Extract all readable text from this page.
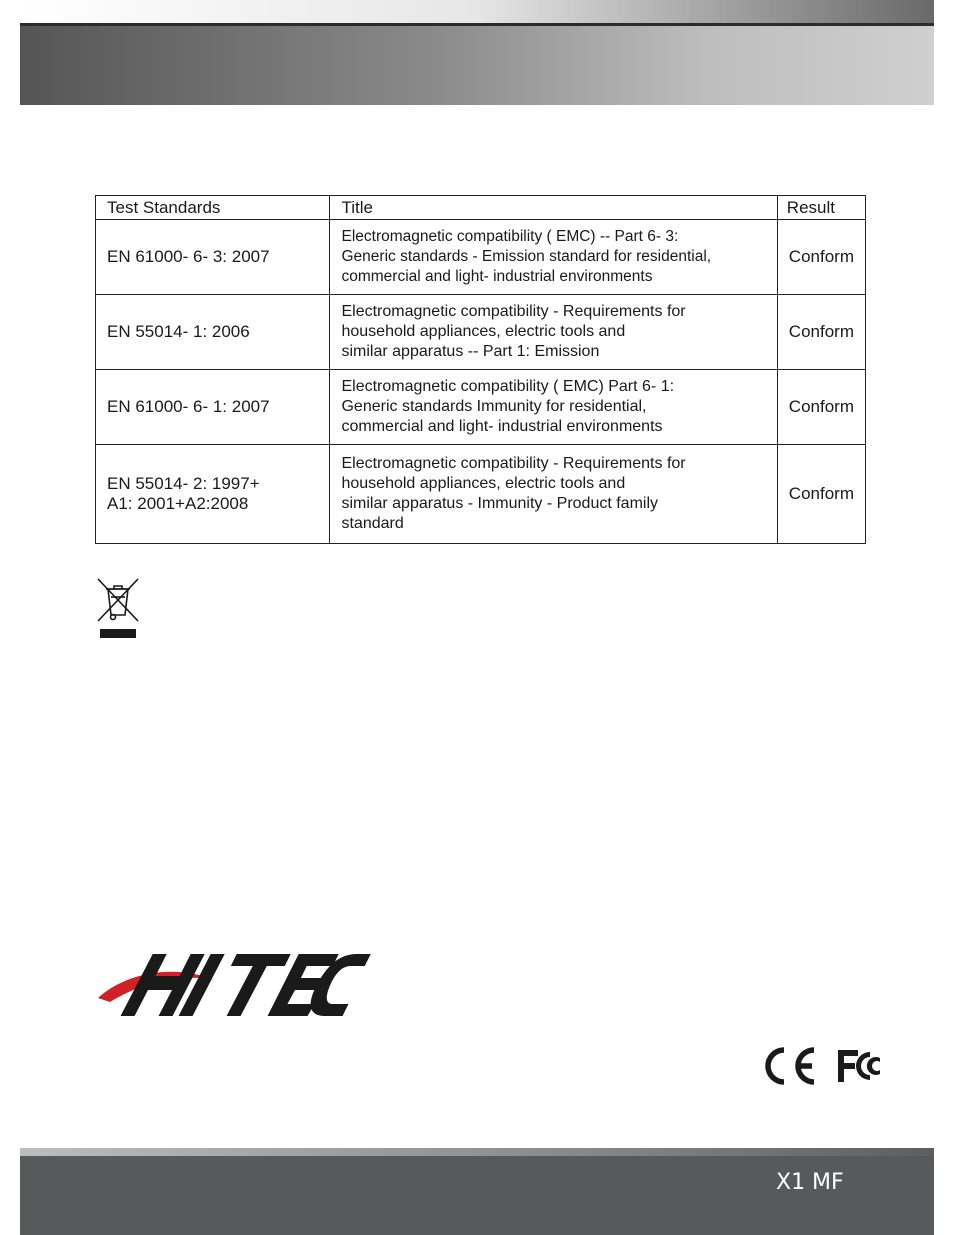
Test Standards	Title	Result

EN 61000- 6- 3: 2007	Electromagnetic compatibility ( EMC) -- Part 6- 3:
Generic standards - Emission standard for residential,
commercial and light- industrial environments	Conform

EN 55014- 1: 2006	Electromagnetic compatibility - Requirements for
household appliances, electric tools and
similar apparatus -- Part 1: Emission	Conform

EN 61000- 6- 1: 2007	Electromagnetic compatibility ( EMC) Part 6- 1:
Generic standards Immunity for residential,
commercial and light- industrial environments	Conform

EN 55014- 2: 1997+
A1: 2001+A2:2008	Electromagnetic compatibility - Requirements for
household appliances, electric tools and
similar apparatus - Immunity - Product family
standard	Conform
X1 MF
